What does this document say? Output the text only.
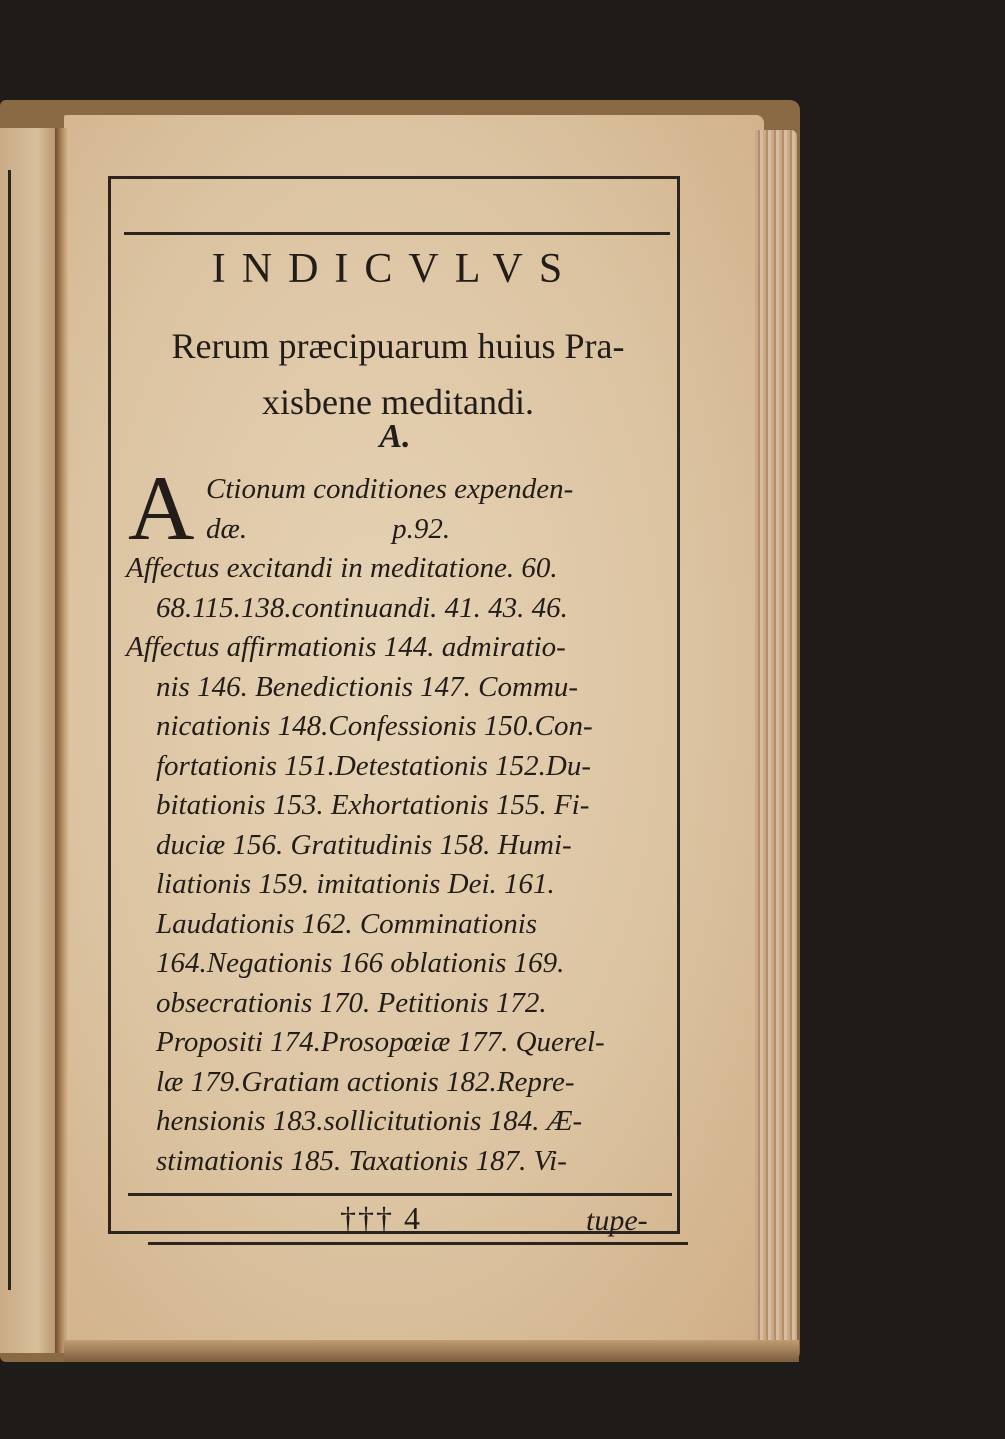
INDICVLVS
Rerum præcipuarum huius Pra-
xisbene meditandi.
A.
A Ctionum conditiones expenden-
dæ.                    p.92.
Affectus excitandi in meditatione. 60.
68.115.138.continuandi. 41. 43. 46.
Affectus affirmationis 144. admiratio-
nis 146. Benedictionis 147. Commu-
nicationis 148.Confessionis 150.Con-
fortationis 151.Detestationis 152.Du-
bitationis 153. Exhortationis 155. Fi-
duciæ 156. Gratitudinis 158. Humi-
liationis 159. imitationis Dei. 161.
Laudationis 162. Comminationis
164.Negationis 166 oblationis 169.
obsecrationis 170. Petitionis 172.
Propositi 174.Prosopœiæ 177. Querel-
læ 179.Gratiam actionis 182.Repre-
hensionis 183.sollicitutionis 184. Æ-
stimationis 185. Taxationis 187. Vi-
††† 4	tupe-
